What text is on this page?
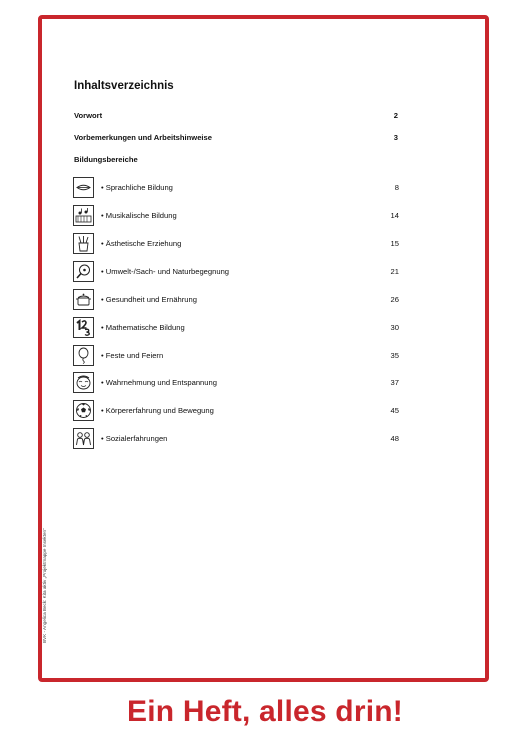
Inhaltsverzeichnis
Vorwort	2
Vorbemerkungen und Arbeitshinweise	3
Bildungsbereiche
• Sprachliche Bildung	8
• Musikalische Bildung	14
• Ästhetische Erziehung	15
• Umwelt-/Sach- und Naturbegegnung	21
• Gesundheit und Ernährung	26
• Mathematische Bildung	30
• Feste und Feiern	35
• Wahrnehmung und Entspannung	37
• Körpererfahrung und Bewegung	45
• Sozialerfahrungen	48
BVK - Angelica Beck: Kita aktiv „Projektmappe Insekten“
Ein Heft, alles drin!
